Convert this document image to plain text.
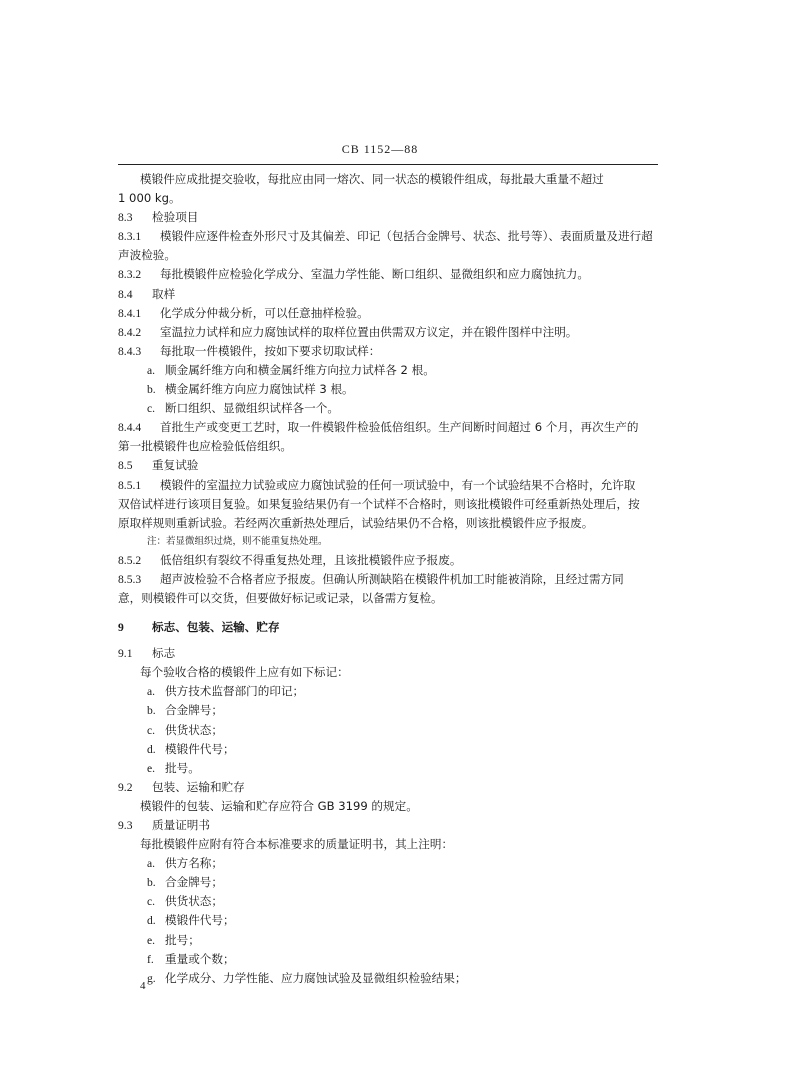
CB 1152—88
模锻件应成批提交验收，每批应由同一熔次、同一状态的模锻件组成，每批最大重量不超过
1 000 kg。
8.3 检验项目
8.3.1 模锻件应逐件检查外形尺寸及其偏差、印记（包括合金牌号、状态、批号等）、表面质量及进行超
声波检验。
8.3.2 每批模锻件应检验化学成分、室温力学性能、断口组织、显微组织和应力腐蚀抗力。
8.4 取样
8.4.1 化学成分仲裁分析，可以任意抽样检验。
8.4.2 室温拉力试样和应力腐蚀试样的取样位置由供需双方议定，并在锻件图样中注明。
8.4.3 每批取一件模锻件，按如下要求切取试样：
a. 顺金属纤维方向和横金属纤维方向拉力试样各 2 根。
b. 横金属纤维方向应力腐蚀试样 3 根。
c. 断口组织、显微组织试样各一个。
8.4.4 首批生产或变更工艺时，取一件模锻件检验低倍组织。生产间断时间超过 6 个月，再次生产的
第一批模锻件也应检验低倍组织。
8.5 重复试验
8.5.1 模锻件的室温拉力试验或应力腐蚀试验的任何一项试验中，有一个试验结果不合格时，允许取
双倍试样进行该项目复验。如果复验结果仍有一个试样不合格时，则该批模锻件可经重新热处理后，按
原取样规则重新试验。若经两次重新热处理后，试验结果仍不合格，则该批模锻件应予报废。
注：若显微组织过烧，则不能重复热处理。
8.5.2 低倍组织有裂纹不得重复热处理，且该批模锻件应予报废。
8.5.3 超声波检验不合格者应予报废。但确认所测缺陷在模锻件机加工时能被消除，且经过需方同
意，则模锻件可以交货，但要做好标记或记录，以备需方复检。
9 标志、包装、运输、贮存
9.1 标志
每个验收合格的模锻件上应有如下标记：
a. 供方技术监督部门的印记；
b. 合金牌号；
c. 供货状态；
d. 模锻件代号；
e. 批号。
9.2 包装、运输和贮存
模锻件的包装、运输和贮存应符合 GB 3199 的规定。
9.3 质量证明书
每批模锻件应附有符合本标准要求的质量证明书，其上注明：
a. 供方名称；
b. 合金牌号；
c. 供货状态；
d. 模锻件代号；
e. 批号；
f. 重量或个数；
g. 化学成分、力学性能、应力腐蚀试验及显微组织检验结果；
4
